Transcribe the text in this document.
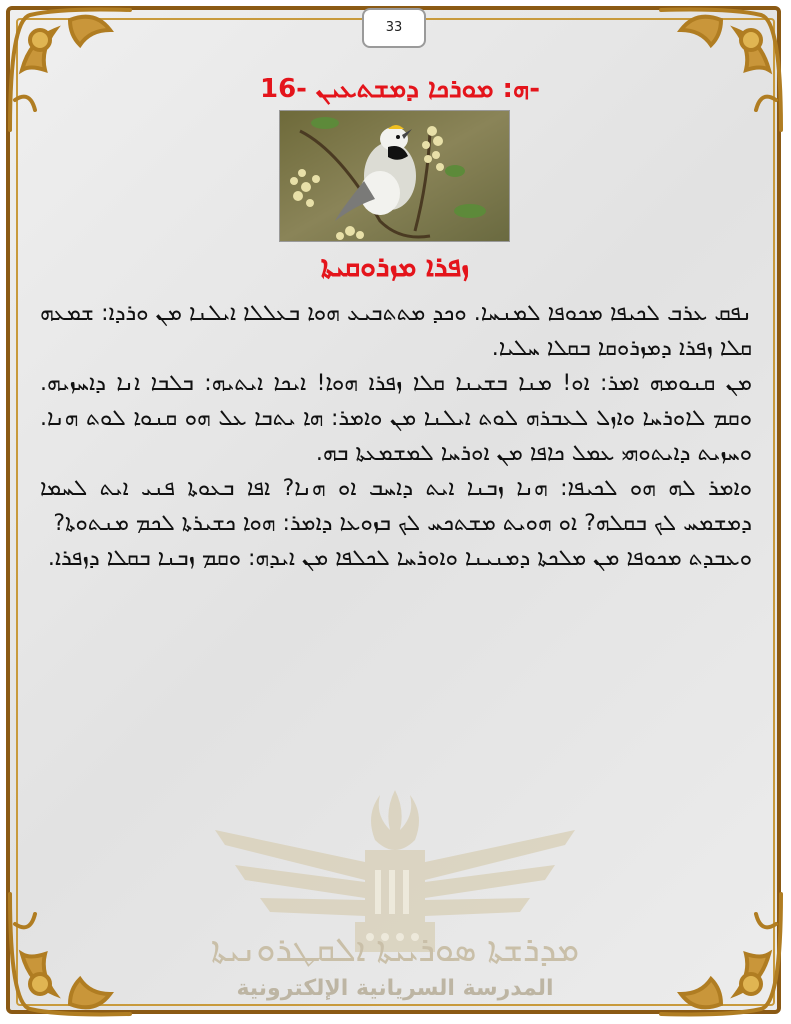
33
ܗ: ܡܘܪܟܐ ܕܡܫܬܥܝܢ -16-
ܙܦܪܐ ܡܙܪܘܩܝܬܐ

ܢܦܩ ܥܪܒ ܠܟܝܦܐ ܡܟܘܦܐ ܠܡܢܚܐ. ܘܟܕ ܡܬܬܒܝܥ ܗܘܐ ܒܥܠܠܐ ܐܝܠܢܐ ܡܢ ܘܪܕܐ: ܫܡܥܗ ܩܠܐ ܙܦܪܐ ܕܡܙܪܘܩܐ ܒܩܠܐ ܚܠܝܐ.

ܡܢ ܩܢܘܡܗ ܐܡܪ: ܐܘ! ܡܢܐ ܒܫܝܢܐ ܩܠܐ ܙܦܪܐ ܗܘܐ! ܐܝܟܐ ܐܝܬܝܗ: ܒܠܒܐ ܐܢܐ ܕܐܚܙܝܗ. ܘܩܡ ܠܐܘܪܚܐ ܘܐܙܠ ܠܥܒܪܗ ܠܘܬ ܐܝܠܢܐ ܡܢ ܘܐܡܪ: ܗܐ ܝܬܒܐ ܥܠ ܗܘ ܩܢܘܐ ܠܘܬ ܗܢܐ. ܘܚܙܝܬ ܕܐܝܬܘܗܝ ܥܡܠ ܟܐܦܐ ܡܢ ܐܘܪܚܐ ܠܡܫܡܥܬܐ ܒܗ.

ܘܐܡܪ ܠܗ ܗܘ ܠܟܝܦܐ: ܗܢܐ ܙܒܢܐ ܐܝܬ ܕܐܚܒ ܐܘ ܗܢܐ? ܐܦܐ ܒܥܘܬܐ ܦܢܝ ܐܝܬ ܠܚܡܐ ܕܡܫܡܚ ܠܟ ܒܩܠܗ? ܐܘ ܗܘܝܬ ܡܫܬܟܚ ܠܟ ܒܙܘܥܐ ܕܐܡܪ: ܗܘܐ ܟܫܝܪܬܐ ܠܟܡ ܡܢܬܘܬܐ?

ܘܥܒܕܬ ܡܟܘܦܐ ܡܢ ܡܠܟܬܐ ܕܡܢܝܢܐ ܘܐܘܪܚܐ ܠܟܠܦܐ ܡܢ ܐܝܕܗ: ܘܩܡ ܙܒܢܐ ܒܩܠܐ ܕܙܦܪܐ.

ܡܕܪܫܬܐ ܣܘܪܝܝܬܐ ܐܠܩܛܪܘܢܝܬܐ
المدرسة السريانية الإلكترونية
